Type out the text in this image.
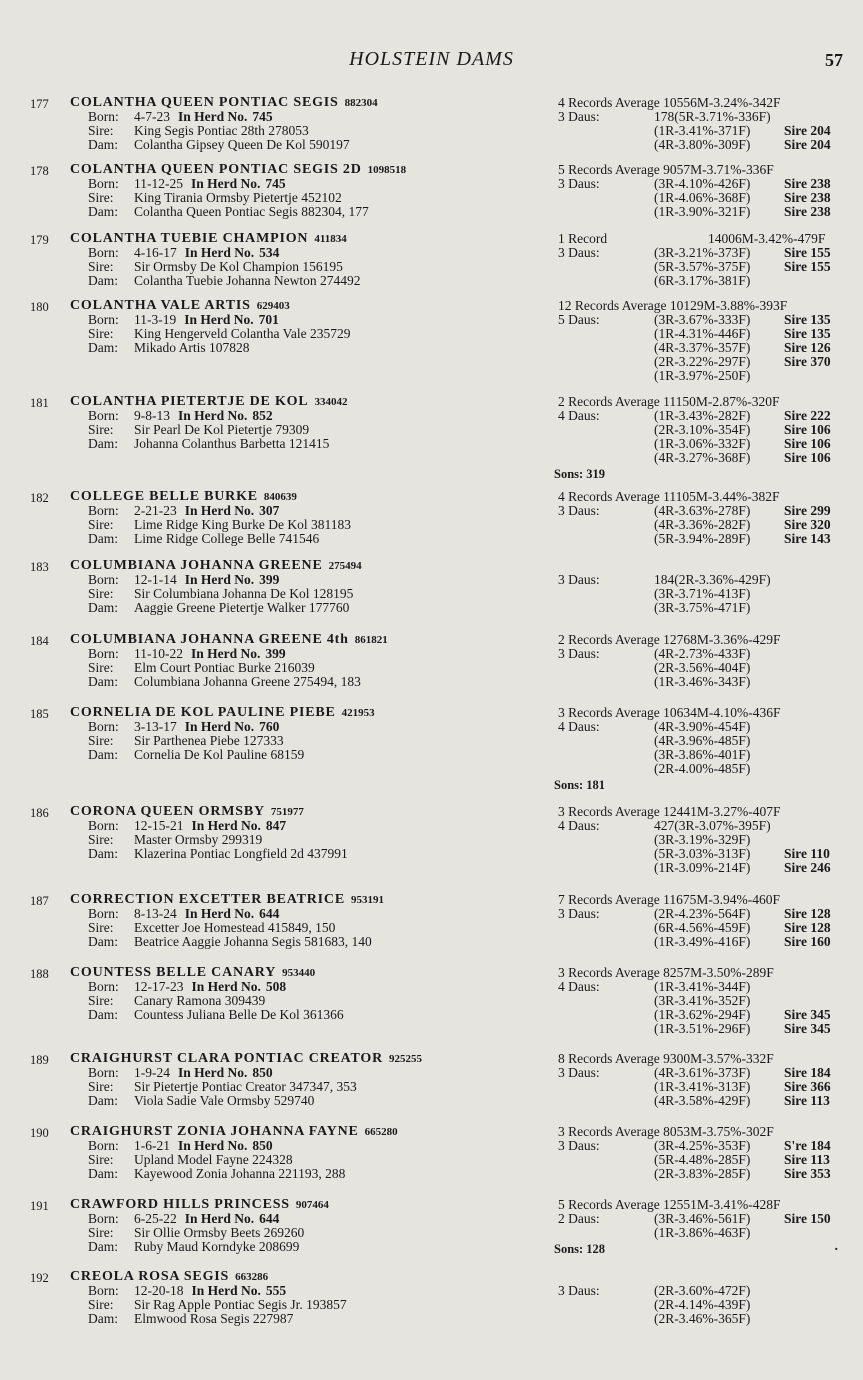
HOLSTEIN DAMS	57
177 COLANTHA QUEEN PONTIAC SEGIS 882304
Born: 4-7-23 In Herd No. 745
Sire: King Segis Pontiac 28th 278053
Dam: Colantha Gipsey Queen De Kol 590197
4 Records Average 10556M-3.24%-342F
3 Daus:	178(5R-3.71%-336F)
(1R-3.41%-371F) Sire 204
(4R-3.80%-309F) Sire 204
178 COLANTHA QUEEN PONTIAC SEGIS 2D 1098518
Born: 11-12-25 In Herd No. 745
Sire: King Tirania Ormsby Pietertje 452102
Dam: Colantha Queen Pontiac Segis 882304, 177
5 Records Average 9057M-3.71%-336F
3 Daus:	(3R-4.10%-426F) Sire 238
(1R-4.06%-368F) Sire 238
(1R-3.90%-321F) Sire 238
179 COLANTHA TUEBIE CHAMPION 411834
Born: 4-16-17 In Herd No. 534
Sire: Sir Ormsby De Kol Champion 156195
Dam: Colantha Tuebie Johanna Newton 274492
1 Record	14006M-3.42%-479F
3 Daus:	(3R-3.21%-373F) Sire 155
(5R-3.57%-375F) Sire 155
(6R-3.17%-381F)
180 COLANTHA VALE ARTIS 629403
Born: 11-3-19 In Herd No. 701
Sire: King Hengerveld Colantha Vale 235729
Dam: Mikado Artis 107828
12 Records Average 10129M-3.88%-393F
5 Daus:	(3R-3.67%-333F) Sire 135
(1R-4.31%-446F) Sire 135
(4R-3.37%-357F) Sire 126
(2R-3.22%-297F) Sire 370
(1R-3.97%-250F)
181 COLANTHA PIETERTJE DE KOL 334042
Born: 9-8-13 In Herd No. 852
Sire: Sir Pearl De Kol Pietertje 79309
Dam: Johanna Colanthus Barbetta 121415
2 Records Average 11150M-2.87%-320F
4 Daus:	(1R-3.43%-282F) Sire 222
(2R-3.10%-354F) Sire 106
(1R-3.06%-332F) Sire 106
(4R-3.27%-368F) Sire 106
Sons: 319
182 COLLEGE BELLE BURKE 840639
Born: 2-21-23 In Herd No. 307
Sire: Lime Ridge King Burke De Kol 381183
Dam: Lime Ridge College Belle 741546
4 Records Average 11105M-3.44%-382F
3 Daus:	(4R-3.63%-278F) Sire 299
(4R-3.36%-282F) Sire 320
(5R-3.94%-289F) Sire 143
183 COLUMBIANA JOHANNA GREENE 275494
Born: 12-1-14 In Herd No. 399
Sire: Sir Columbiana Johanna De Kol 128195
Dam: Aaggie Greene Pietertje Walker 177760
3 Daus:	184(2R-3.36%-429F)
(3R-3.71%-413F)
(3R-3.75%-471F)
184 COLUMBIANA JOHANNA GREENE 4th 861821
Born: 11-10-22 In Herd No. 399
Sire: Elm Court Pontiac Burke 216039
Dam: Columbiana Johanna Greene 275494, 183
2 Records Average 12768M-3.36%-429F
3 Daus:	(4R-2.73%-433F)
(2R-3.56%-404F)
(1R-3.46%-343F)
185 CORNELIA DE KOL PAULINE PIEBE 421953
Born: 3-13-17 In Herd No. 760
Sire: Sir Parthenea Piebe 127333
Dam: Cornelia De Kol Pauline 68159
3 Records Average 10634M-4.10%-436F
4 Daus:	(4R-3.90%-454F)
(4R-3.96%-485F)
(3R-3.86%-401F)
(2R-4.00%-485F)
Sons: 181
186 CORONA QUEEN ORMSBY 751977
Born: 12-15-21 In Herd No. 847
Sire: Master Ormsby 299319
Dam: Klazerina Pontiac Longfield 2d 437991
3 Records Average 12441M-3.27%-407F
4 Daus:	427(3R-3.07%-395F)
(3R-3.19%-329F)
(5R-3.03%-313F) Sire 110
(1R-3.09%-214F) Sire 246
187 CORRECTION EXCETTER BEATRICE 953191
Born: 8-13-24 In Herd No. 644
Sire: Excetter Joe Homestead 415849, 150
Dam: Beatrice Aaggie Johanna Segis 581683, 140
7 Records Average 11675M-3.94%-460F
3 Daus:	(2R-4.23%-564F) Sire 128
(6R-4.56%-459F) Sire 128
(1R-3.49%-416F) Sire 160
188 COUNTESS BELLE CANARY 953440
Born: 12-17-23 In Herd No. 508
Sire: Canary Ramona 309439
Dam: Countess Juliana Belle De Kol 361366
3 Records Average 8257M-3.50%-289F
4 Daus:	(1R-3.41%-344F)
(3R-3.41%-352F)
(1R-3.62%-294F) Sire 345
(1R-3.51%-296F) Sire 345
189 CRAIGHURST CLARA PONTIAC CREATOR 925255
Born: 1-9-24 In Herd No. 850
Sire: Sir Pietertje Pontiac Creator 347347, 353
Dam: Viola Sadie Vale Ormsby 529740
8 Records Average 9300M-3.57%-332F
3 Daus:	(4R-3.61%-373F) Sire 184
(1R-3.41%-313F) Sire 366
(4R-3.58%-429F) Sire 113
190 CRAIGHURST ZONIA JOHANNA FAYNE 665280
Born: 1-6-21 In Herd No. 850
Sire: Upland Model Fayne 224328
Dam: Kayewood Zonia Johanna 221193, 288
3 Records Average 8053M-3.75%-302F
3 Daus:	(3R-4.25%-353F) S're 184
(5R-4.48%-285F) Sire 113
(2R-3.83%-285F) Sire 353
191 CRAWFORD HILLS PRINCESS 907464
Born: 6-25-22 In Herd No. 644
Sire: Sir Ollie Ormsby Beets 269260
Dam: Ruby Maud Korndyke 208699
5 Records Average 12551M-3.41%-428F
2 Daus:	(3R-3.46%-561F) Sire 150
(1R-3.86%-463F)
Sons: 128	.
192 CREOLA ROSA SEGIS 663286
Born: 12-20-18 In Herd No. 555
Sire: Sir Rag Apple Pontiac Segis Jr. 193857
Dam: Elmwood Rosa Segis 227987
3 Daus:	(2R-3.60%-472F)
(2R-4.14%-439F)
(2R-3.46%-365F)
